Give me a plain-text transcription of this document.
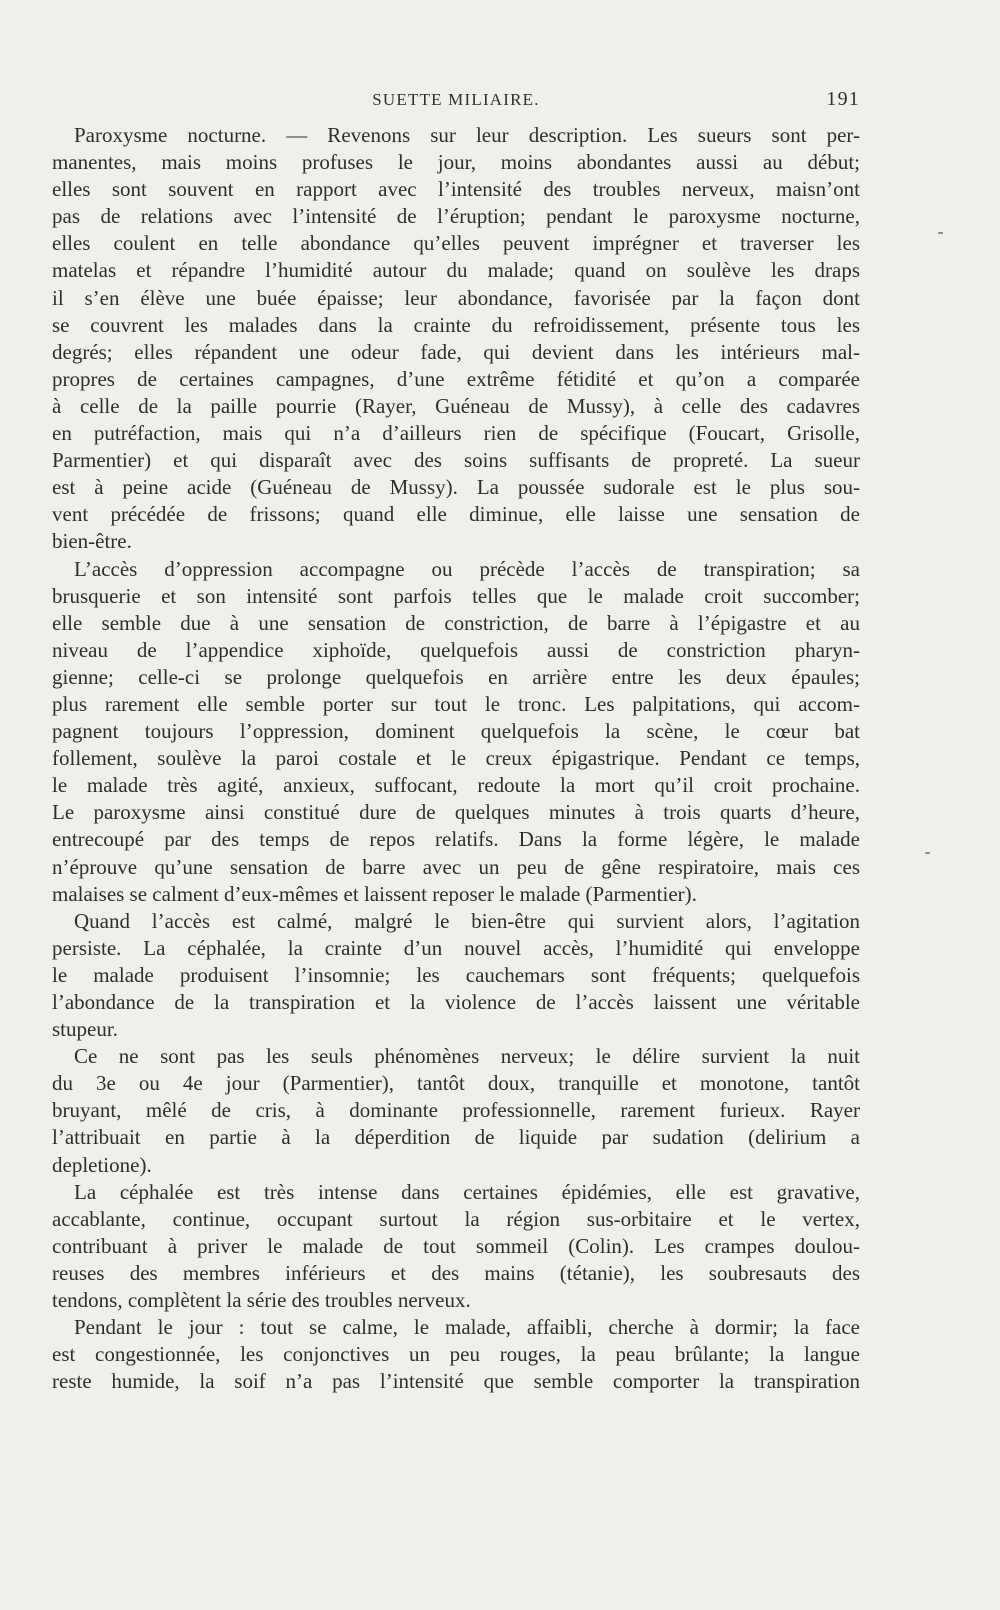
SUETTE MILIAIRE.	191
Paroxysme nocturne. — Revenons sur leur description. Les sueurs sont per-
manentes, mais moins profuses le jour, moins abondantes aussi au début;
elles sont souvent en rapport avec l’intensité des troubles nerveux, maisn’ont
pas de relations avec l’intensité de l’éruption; pendant le paroxysme nocturne,
elles coulent en telle abondance qu’elles peuvent imprégner et traverser les
matelas et répandre l’humidité autour du malade; quand on soulève les draps
il s’en élève une buée épaisse; leur abondance, favorisée par la façon dont
se couvrent les malades dans la crainte du refroidissement, présente tous les
degrés; elles répandent une odeur fade, qui devient dans les intérieurs mal-
propres de certaines campagnes, d’une extrême fétidité et qu’on a comparée
à celle de la paille pourrie (Rayer, Guéneau de Mussy), à celle des cadavres
en putréfaction, mais qui n’a d’ailleurs rien de spécifique (Foucart, Grisolle,
Parmentier) et qui disparaît avec des soins suffisants de propreté. La sueur
est à peine acide (Guéneau de Mussy). La poussée sudorale est le plus sou-
vent précédée de frissons; quand elle diminue, elle laisse une sensation de
bien-être.
L’accès d’oppression accompagne ou précède l’accès de transpiration; sa
brusquerie et son intensité sont parfois telles que le malade croit succomber;
elle semble due à une sensation de constriction, de barre à l’épigastre et au
niveau de l’appendice xiphoïde, quelquefois aussi de constriction pharyn-
gienne; celle-ci se prolonge quelquefois en arrière entre les deux épaules;
plus rarement elle semble porter sur tout le tronc. Les palpitations, qui accom-
pagnent toujours l’oppression, dominent quelquefois la scène, le cœur bat
follement, soulève la paroi costale et le creux épigastrique. Pendant ce temps,
le malade très agité, anxieux, suffocant, redoute la mort qu’il croit prochaine.
Le paroxysme ainsi constitué dure de quelques minutes à trois quarts d’heure,
entrecoupé par des temps de repos relatifs. Dans la forme légère, le malade
n’éprouve qu’une sensation de barre avec un peu de gêne respiratoire, mais ces
malaises se calment d’eux-mêmes et laissent reposer le malade (Parmentier).
Quand l’accès est calmé, malgré le bien-être qui survient alors, l’agitation
persiste. La céphalée, la crainte d’un nouvel accès, l’humidité qui enveloppe
le malade produisent l’insomnie; les cauchemars sont fréquents; quelquefois
l’abondance de la transpiration et la violence de l’accès laissent une véritable
stupeur.
Ce ne sont pas les seuls phénomènes nerveux; le délire survient la nuit
du 3e ou 4e jour (Parmentier), tantôt doux, tranquille et monotone, tantôt
bruyant, mêlé de cris, à dominante professionnelle, rarement furieux. Rayer
l’attribuait en partie à la déperdition de liquide par sudation (delirium a
depletione).
La céphalée est très intense dans certaines épidémies, elle est gravative,
accablante, continue, occupant surtout la région sus-orbitaire et le vertex,
contribuant à priver le malade de tout sommeil (Colin). Les crampes doulou-
reuses des membres inférieurs et des mains (tétanie), les soubresauts des
tendons, complètent la série des troubles nerveux.
Pendant le jour : tout se calme, le malade, affaibli, cherche à dormir; la face
est congestionnée, les conjonctives un peu rouges, la peau brûlante; la langue
reste humide, la soif n’a pas l’intensité que semble comporter la transpiration
